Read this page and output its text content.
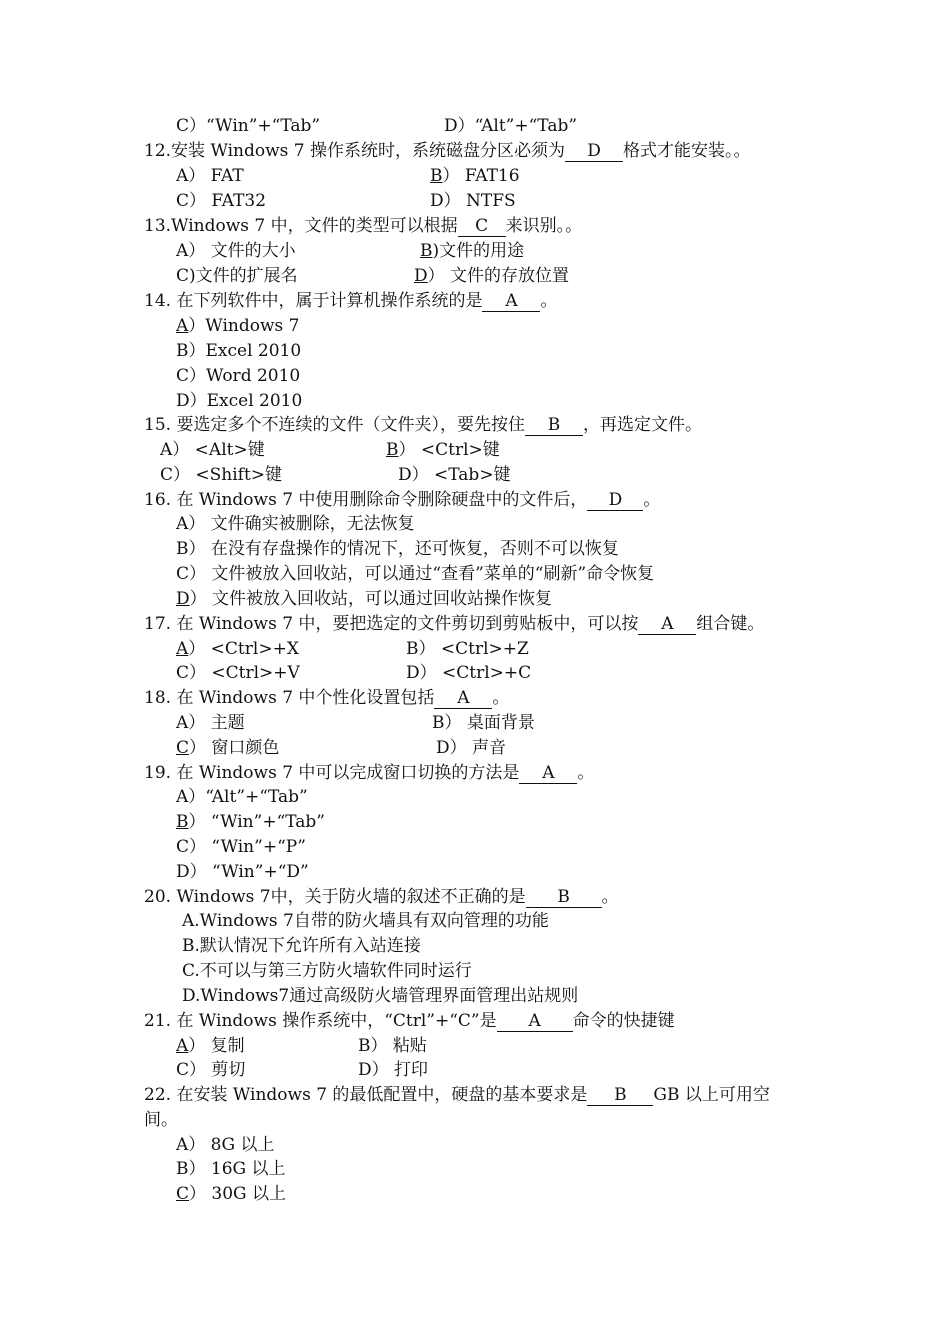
C）“Win”+“Tab”	D）“Alt”+“Tab”
12.安装 Windows 7 操作系统时，系统磁盘分区必须为 D 格式才能安装。。
A） FAT	B） FAT16
C） FAT32	D） NTFS
13.Windows 7 中，文件的类型可以根据 C 来识别。。
A） 文件的大小	B)文件的用途
C)文件的扩展名	D） 文件的存放位置
14. 在下列软件中，属于计算机操作系统的是 A 。
A）Windows 7
B）Excel 2010
C）Word 2010
D）Excel 2010
15. 要选定多个不连续的文件（文件夹），要先按住 B ，再选定文件。
A） <Alt>键	B） <Ctrl>键
C） <Shift>键	D） <Tab>键
16. 在 Windows 7 中使用删除命令删除硬盘中的文件后， D 。
A） 文件确实被删除，无法恢复
B） 在没有存盘操作的情况下，还可恢复，否则不可以恢复
C） 文件被放入回收站，可以通过“查看”菜单的“刷新”命令恢复
D） 文件被放入回收站，可以通过回收站操作恢复
17. 在 Windows 7 中，要把选定的文件剪切到剪贴板中，可以按 A 组合键。
A） <Ctrl>+X	B） <Ctrl>+Z
C） <Ctrl>+V	D） <Ctrl>+C
18. 在 Windows 7 中个性化设置包括 A 。
A） 主题	B） 桌面背景
C） 窗口颜色	D） 声音
19. 在 Windows 7 中可以完成窗口切换的方法是 A 。
A）“Alt”+“Tab”
B） “Win”+“Tab”
C） “Win”+“P”
D） “Win”+“D”
20. Windows 7中，关于防火墙的叙述不正确的是 B 。
A.Windows 7自带的防火墙具有双向管理的功能
B.默认情况下允许所有入站连接
C.不可以与第三方防火墙软件同时运行
D.Windows7通过高级防火墙管理界面管理出站规则
21. 在 Windows 操作系统中，“Ctrl”+“C”是 A 命令的快捷键
A） 复制	B） 粘贴
C） 剪切	D） 打印
22. 在安装 Windows 7 的最低配置中，硬盘的基本要求是 B GB 以上可用空
间。
A） 8G 以上
B） 16G 以上
C） 30G 以上
